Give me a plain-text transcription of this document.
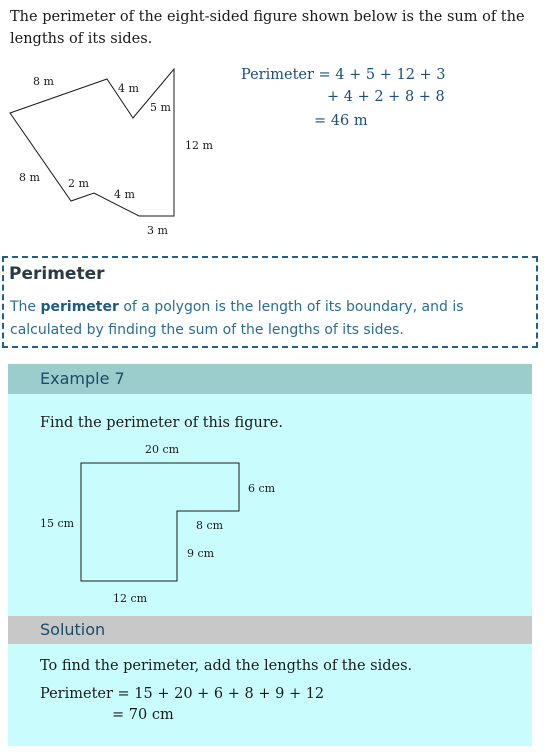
The perimeter of the eight-sided figure shown below is the sum of the
lengths of its sides.
8 m
4 m
5 m
12 m
8 m	2 m
4 m
3 m
Perimeter = 4 + 5 + 12 + 3
+ 4 + 2 + 8 + 8
= 46 m
Perimeter
The perimeter of a polygon is the length of its boundary, and is calculated by finding the sum of the lengths of its sides.
Example 7
Find the perimeter of this figure.
20 cm
6 cm
15 cm	8 cm
9 cm
12 cm
Solution
To find the perimeter, add the lengths of the sides.
Perimeter = 15 + 20 + 6 + 8 + 9 + 12
= 70 cm
